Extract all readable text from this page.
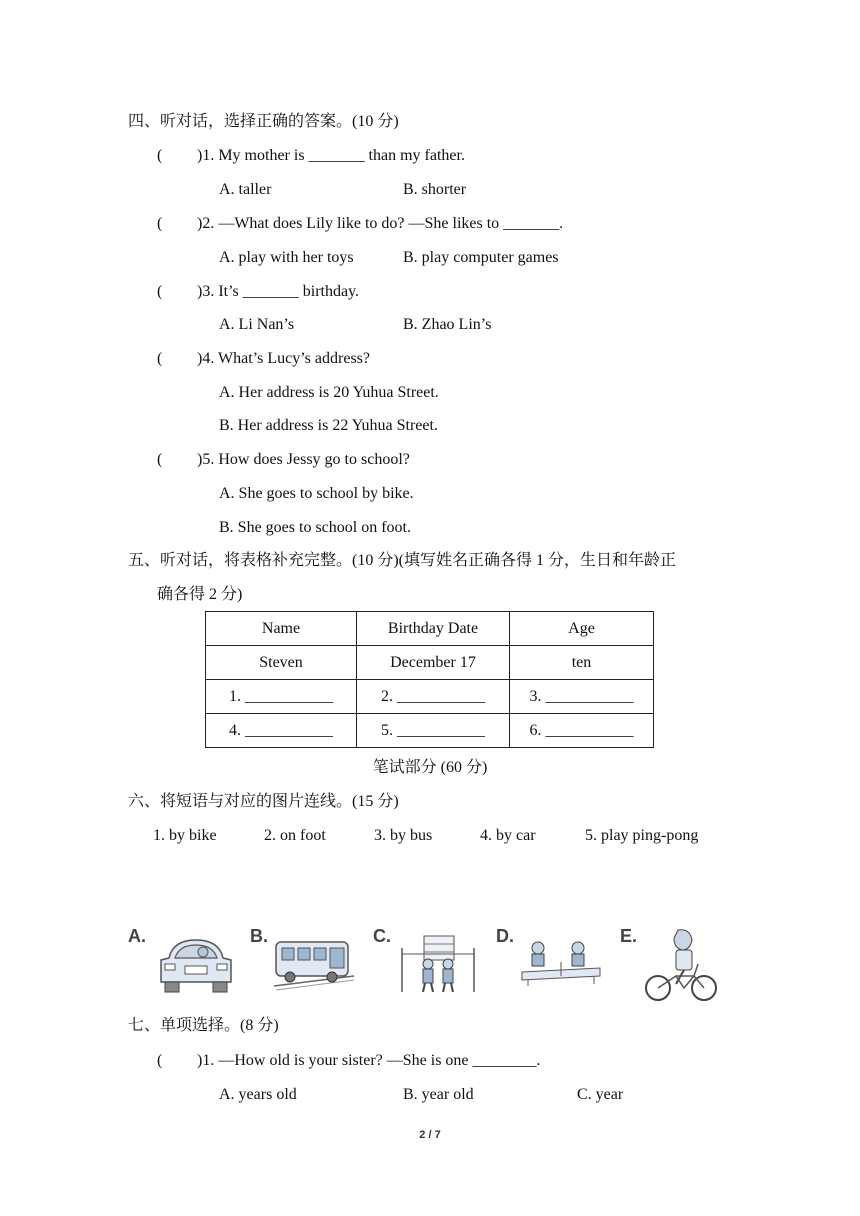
四、听对话，选择正确的答案。(10 分)
( )1. My mother is _______ than my father.
A. taller	B. shorter
( )2. —What does Lily like to do? —She likes to _______.
A. play with her toys	B. play computer games
( )3. It’s _______ birthday.
A. Li Nan’s	B. Zhao Lin’s
( )4. What’s Lucy’s address?
A. Her address is 20 Yuhua Street.
B. Her address is 22 Yuhua Street.
( )5. How does Jessy go to school?
A. She goes to school by bike.
B. She goes to school on foot.
五、听对话，将表格补充完整。(10 分)(填写姓名正确各得 1 分，生日和年龄正
确各得 2 分)
Name	Birthday Date	Age
Steven	December 17	ten
1. ___________	2. ___________	3. ___________
4. ___________	5. ___________	6. ___________
笔试部分 (60 分)
六、将短语与对应的图片连线。(15 分)
1. by bike	2. on foot	3. by bus	4. by car	5. play ping-pong
A.	B.	C.	D.	E.
七、单项选择。(8 分)
( )1. —How old is your sister? —She is one ________.
A. years old	B. year old	C. year
2 / 7
